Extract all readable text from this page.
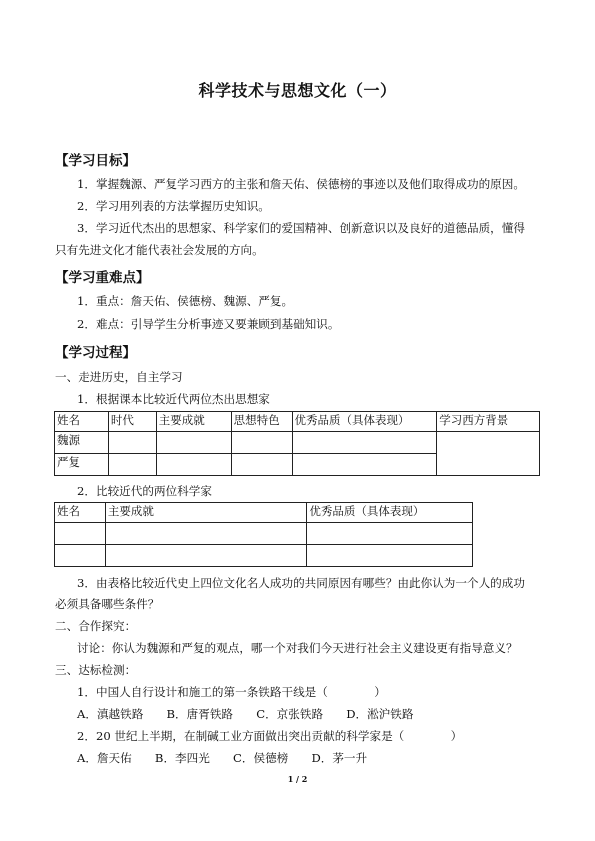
科学技术与思想文化（一）
【学习目标】
1．掌握魏源、严复学习西方的主张和詹天佑、侯德榜的事迹以及他们取得成功的原因。
2．学习用列表的方法掌握历史知识。
3．学习近代杰出的思想家、科学家们的爱国精神、创新意识以及良好的道德品质，懂得
只有先进文化才能代表社会发展的方向。
【学习重难点】
1．重点：詹天佑、侯德榜、魏源、严复。
2．难点：引导学生分析事迹又要兼顾到基础知识。
【学习过程】
一、走进历史，自主学习
1．根据课本比较近代两位杰出思想家
姓名	时代	主要成就	思想特色	优秀品质（具体表现）	学习西方背景
魏源					
严复					
2．比较近代的两位科学家
姓名	主要成就	优秀品质（具体表现）

3．由表格比较近代史上四位文化名人成功的共同原因有哪些？由此你认为一个人的成功
必须具备哪些条件？
二、合作探究：
讨论：你认为魏源和严复的观点，哪一个对我们今天进行社会主义建设更有指导意义？
三、达标检测：
1．中国人自行设计和施工的第一条铁路干线是（　　　　）
A．滇越铁路　　B．唐胥铁路　　C．京张铁路　　D．淞沪铁路
2．20 世纪上半期，在制碱工业方面做出突出贡献的科学家是（　　　　）
A．詹天佑　　B．李四光　　C．侯德榜　　D．茅一升
1 / 2
